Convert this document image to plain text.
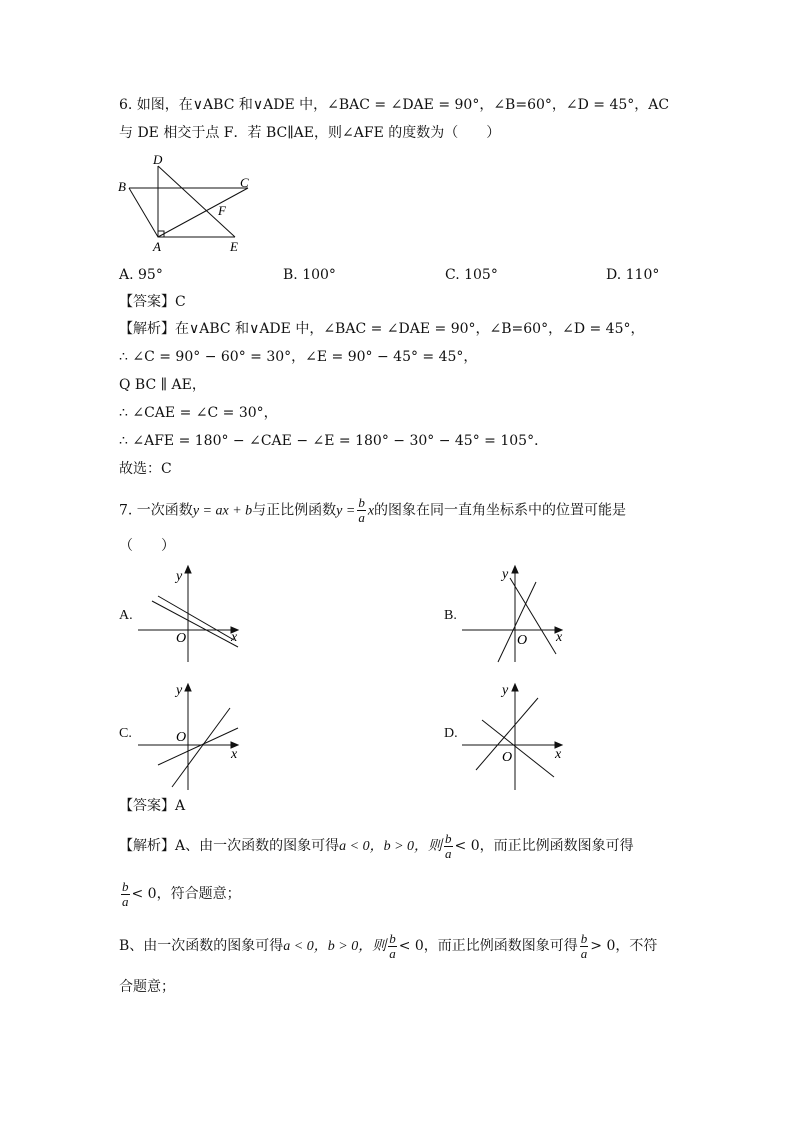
6. 如图，在∨ABC 和∨ADE 中，∠BAC = ∠DAE = 90°，∠B=60°，∠D = 45°，AC
与 DE 相交于点 F．若 BC∥AE，则∠AFE 的度数为（　　）
D
B	C
F
A	E
A. 95°	B. 100°	C. 105°	D. 110°
【答案】C
【解析】在∨ABC 和∨ADE 中，∠BAC = ∠DAE = 90°，∠B=60°，∠D = 45°，
∴ ∠C = 90° − 60° = 30°，∠E = 90° − 45° = 45°，
Q BC ∥ AE，
∴ ∠CAE = ∠C = 30°，
∴ ∠AFE = 180° − ∠CAE − ∠E = 180° − 30° − 45° = 105°．
故选：C
7. 一次函数y = ax + b与正比例函数$y = \frac{b}{a}$ x的图象在同一直角坐标系中的位置可能是
（　　）
A.
y
x
O
B.
y
x
O
C.
y
x
O	D.
y
x
O
【答案】A
【解析】A、由一次函数的图象可得a < 0，b > 0，则 $\frac{b}{a} < 0$，而正比例函数图象可得
$\frac{b}{a} < 0$，符合题意；
B、由一次函数的图象可得a < 0，b > 0，则 $\frac{b}{a} < 0$，而正比例函数图象可得 $\frac{b}{a} > 0$，不符
合题意；
